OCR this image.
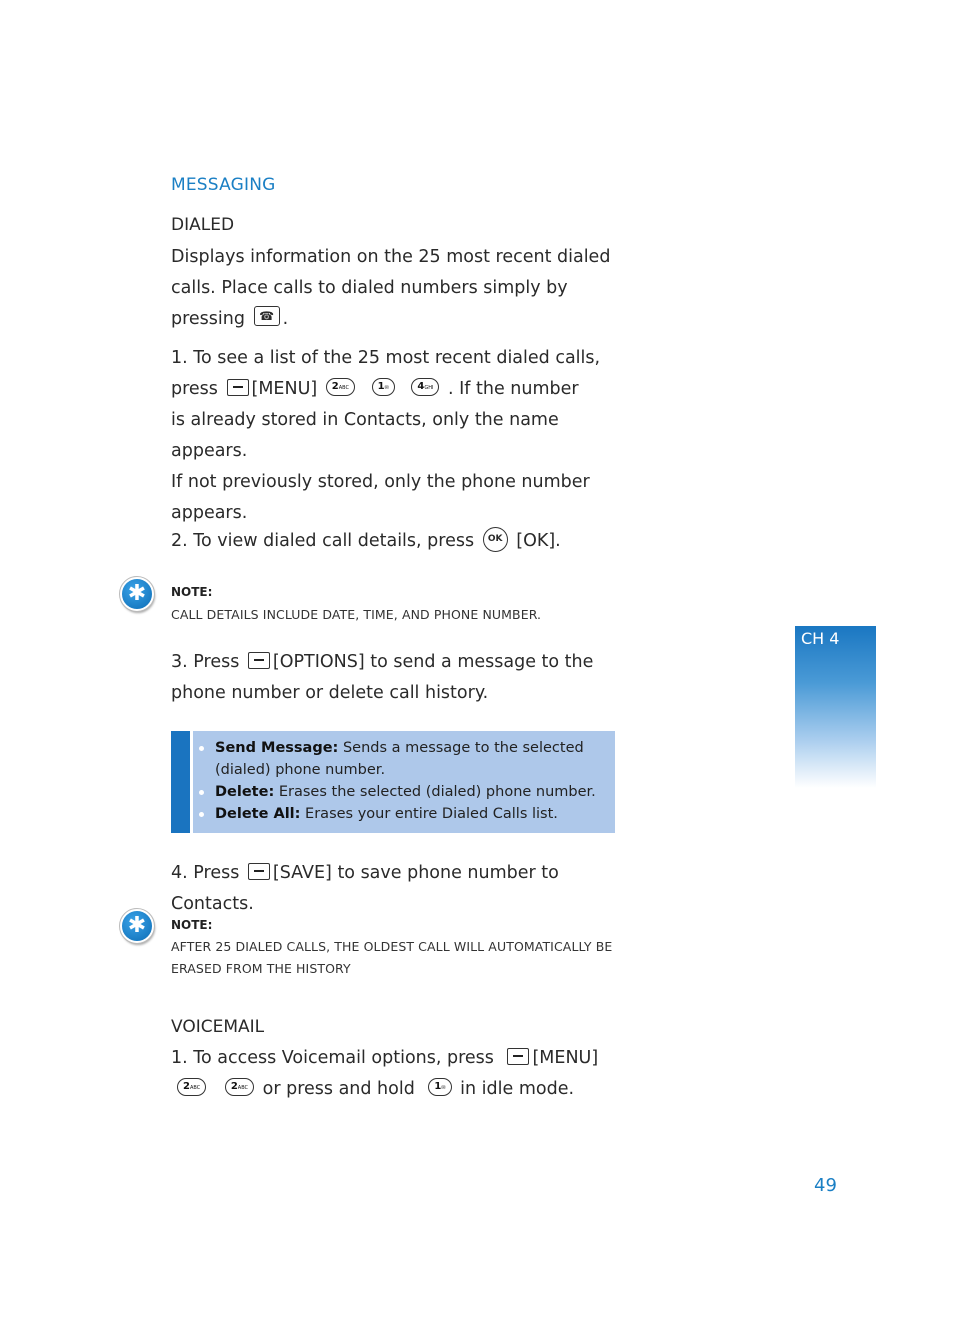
MESSAGING
DIALED
Displays information on the 25 most recent dialed
calls. Place calls to dialed numbers simply by
pressing ☎ .
1. To see a list of the 25 most recent dialed calls,
press [MENU] 2ABC	1✉	4GHI . If the number
is already stored in Contacts, only the name appears.
If not previously stored, only the phone number
appears.
2. To view dialed call details, press OK [OK].
✱	NOTE:
CALL DETAILS INCLUDE DATE, TIME, AND PHONE NUMBER.
3. Press [OPTIONS] to send a message to the
phone number or delete call history.
Send Message: Sends a message to the selected (dialed) phone number.
Delete: Erases the selected (dialed) phone number.
Delete All: Erases your entire Dialed Calls list.
4. Press [SAVE] to save phone number to Contacts.
✱	NOTE:
AFTER 25 DIALED CALLS, THE OLDEST CALL WILL AUTOMATICALLY BE
ERASED FROM THE HISTORY
VOICEMAIL
1. To access Voicemail options, press [MENU]
2ABC	2ABC or press and hold 1✉ in idle mode.
CH 4
49
